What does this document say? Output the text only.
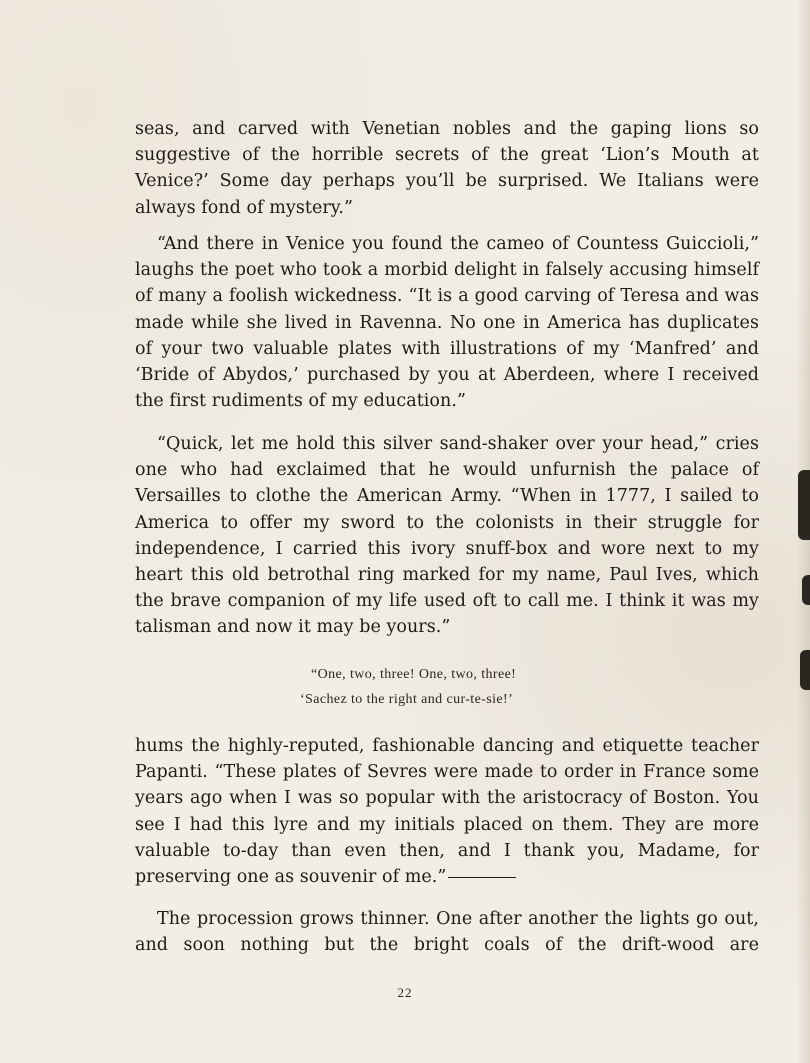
seas, and carved with Venetian nobles and the gaping lions so suggestive of the horrible secrets of the great ‘Lion’s Mouth at Venice?’ Some day perhaps you’ll be surprised. We Italians were always fond of mystery.”

“And there in Venice you found the cameo of Countess Guiccioli,” laughs the poet who took a morbid delight in falsely accusing himself of many a foolish wickedness. “It is a good carving of Teresa and was made while she lived in Ravenna. No one in America has duplicates of your two valuable plates with illustrations of my ‘Manfred’ and ‘Bride of Abydos,’ purchased by you at Aberdeen, where I received the first rudiments of my education.”

“Quick, let me hold this silver sand-shaker over your head,” cries one who had exclaimed that he would unfurnish the palace of Versailles to clothe the American Army. “When in 1777, I sailed to America to offer my sword to the colonists in their struggle for independence, I carried this ivory snuff-box and wore next to my heart this old betrothal ring marked for my name, Paul Ives, which the brave companion of my life used oft to call me. I think it was my talisman and now it may be yours.”

“One, two, three! One, two, three!
‘Sachez to the right and cur-te-sie!’

hums the highly-reputed, fashionable dancing and etiquette teacher Papanti. “These plates of Sevres were made to order in France some years ago when I was so popular with the aristocracy of Boston. You see I had this lyre and my initials placed on them. They are more valuable to-day than even then, and I thank you, Madame, for preserving one as souvenir of me.”

The procession grows thinner. One after another the lights go out, and soon nothing but the bright coals of the drift-wood are

22
